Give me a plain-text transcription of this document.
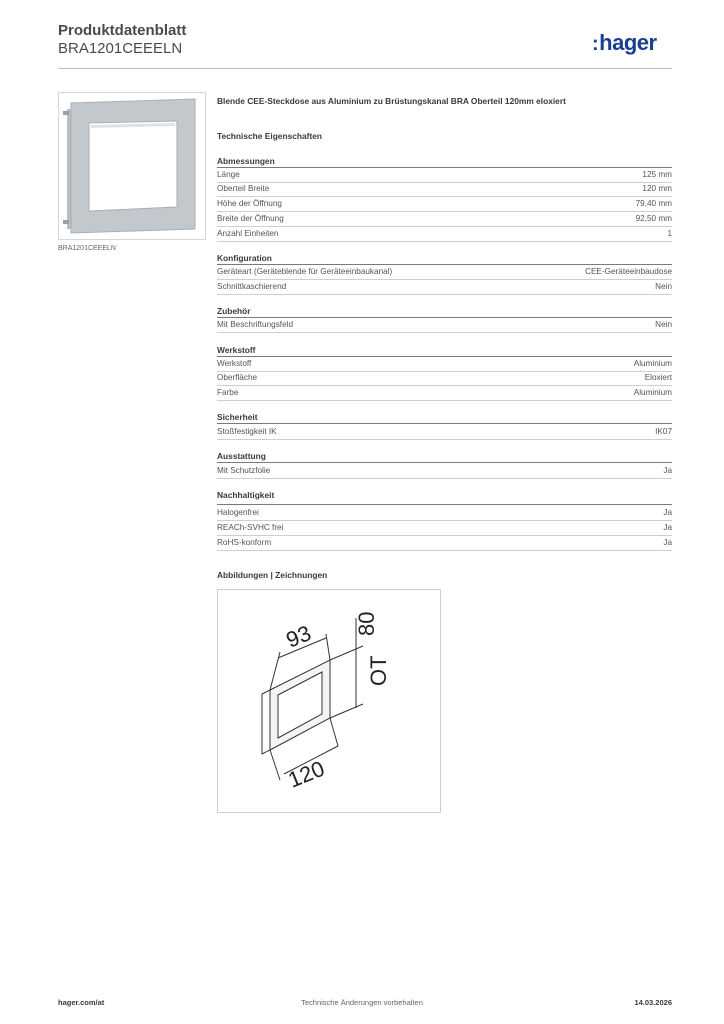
Produktdatenblatt
BRA1201CEEELN	:hager
BRA1201CEEELN
Blende CEE-Steckdose aus Aluminium zu Brüstungskanal BRA Oberteil 120mm eloxiert
Technische Eigenschaften
Abmessungen
Länge	125 mm
Oberteil Breite	120 mm
Höhe der Öffnung	79,40 mm
Breite der Öffnung	92,50 mm
Anzahl Einheiten	1
Konfiguration
Geräteart (Geräteblende für Geräteeinbaukanal)	CEE-Geräteeinbaudose
Schnittkaschierend	Nein
Zubehör
Mit Beschriftungsfeld	Nein
Werkstoff
Werkstoff	Aluminium
Oberfläche	Eloxiert
Farbe	Aluminium
Sicherheit
Stoßfestigkeit IK	IK07
Ausstattung
Mit Schutzfolie	Ja
Nachhaltigkeit
Halogenfrei	Ja
REACh-SVHC frei	Ja
RoHS-konform	Ja
Abbildungen | Zeichnungen
93 80
OT
120
hager.com/at	Technische Änderungen vorbehalten	14.03.2026
